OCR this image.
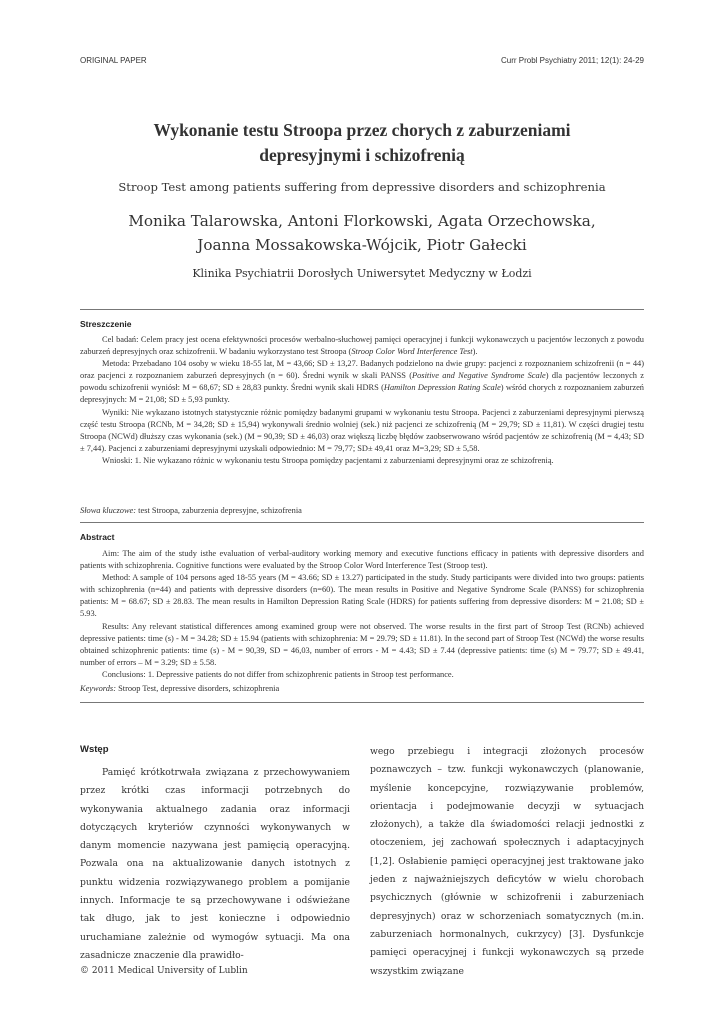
ORIGINAL PAPER	Curr Probl Psychiatry 2011; 12(1): 24-29
Wykonanie testu Stroopa przez chorych z zaburzeniami
depresyjnymi i schizofrenią
Stroop Test among patients suffering from depressive disorders and schizophrenia
Monika Talarowska, Antoni Florkowski, Agata Orzechowska,
Joanna Mossakowska-Wójcik, Piotr Gałecki
Klinika Psychiatrii Dorosłych Uniwersytet Medyczny w Łodzi
Streszczenie

Cel badań: Celem pracy jest ocena efektywności procesów werbalno-słuchowej pamięci operacyjnej i funkcji wykonawczych u pacjentów leczonych z powodu zaburzeń depresyjnych oraz schizofrenii. W badaniu wykorzystano test Stroopa (Stroop Color Word Interference Test).

Metoda: Przebadano 104 osoby w wieku 18-55 lat, M = 43,66; SD ± 13,27. Badanych podzielono na dwie grupy: pacjenci z rozpoznaniem schizofrenii (n = 44) oraz pacjenci z rozpoznaniem zaburzeń depresyjnych (n = 60). Średni wynik w skali PANSS (Positive and Negative Syndrome Scale) dla pacjentów leczonych z powodu schizofrenii wyniósł: M = 68,67; SD ± 28,83 punkty. Średni wynik skali HDRS (Hamilton Depression Rating Scale) wśród chorych z rozpoznaniem zaburzeń depresyjnych: M = 21,08; SD ± 5,93 punkty.

Wyniki: Nie wykazano istotnych statystycznie różnic pomiędzy badanymi grupami w wykonaniu testu Stroopa. Pacjenci z zaburzeniami depresyjnymi pierwszą część testu Stroopa (RCNb, M = 34,28; SD ± 15,94) wykonywali średnio wolniej (sek.) niż pacjenci ze schizofrenią (M = 29,79; SD ± 11,81). W części drugiej testu Stroopa (NCWd) dłuższy czas wykonania (sek.) (M = 90,39; SD ± 46,03) oraz większą liczbę błędów zaobserwowano wśród pacjentów ze schizofrenią (M = 4,43; SD ± 7,44). Pacjenci z zaburzeniami depresyjnymi uzyskali odpowiednio: M = 79,77; SD± 49,41 oraz M=3,29; SD ± 5,58.

Wnioski: 1. Nie wykazano różnic w wykonaniu testu Stroopa pomiędzy pacjentami z zaburzeniami depresyjnymi oraz ze schizofrenią.

Słowa kluczowe: test Stroopa, zaburzenia depresyjne, schizofrenia
Abstract

Aim: The aim of the study isthe evaluation of verbal-auditory working memory and executive functions efficacy in patients with depressive disorders and patients with schizophrenia. Cognitive functions were evaluated by the Stroop Color Word Interference Test (Stroop test).

Method: A sample of 104 persons aged 18-55 years (M = 43.66; SD ± 13.27) participated in the study. Study participants were divided into two groups: patients with schizophrenia (n=44) and patients with depressive disorders (n=60). The mean results in Positive and Negative Syndrome Scale (PANSS) for schizophrenia patients: M = 68.67; SD ± 28.83. The mean results in Hamilton Depression Rating Scale (HDRS) for patients suffering from depressive disorders: M = 21.08; SD ± 5.93.

Results: Any relevant statistical differences among examined group were not observed. The worse results in the first part of Stroop Test (RCNb) achieved depressive patients: time (s) - M = 34.28; SD ± 15.94 (patients with schizophrenia: M = 29.79; SD ± 11.81). In the second part of Stroop Test (NCWd) the worse results obtained schizophrenic patients: time (s) - M = 90,39, SD = 46,03, number of errors - M = 4.43; SD ± 7.44 (depressive patients: time (s) M = 79.77; SD ± 49.41, number of errors – M = 3.29; SD ± 5.58.

Conclusions: 1. Depressive patients do not differ from schizophrenic patients in Stroop test performance.

Keywords: Stroop Test, depressive disorders, schizophrenia
Wstęp

Pamięć krótkotrwała związana z przechowywaniem przez krótki czas informacji potrzebnych do wykonywania aktualnego zadania oraz informacji dotyczących kryteriów czynności wykonywanych w danym momencie nazywana jest pamięcią operacyjną. Pozwala ona na aktualizowanie danych istotnych z punktu widzenia rozwiązywanego problem a pomijanie innych. Informacje te są przechowywane i odświeżane tak długo, jak to jest konieczne i odpowiednio uruchamiane zależnie od wymogów sytuacji. Ma ona zasadnicze znaczenie dla prawidło-

wego przebiegu i integracji złożonych procesów poznawczych – tzw. funkcji wykonawczych (planowanie, myślenie koncepcyjne, rozwiązywanie problemów, orientacja i podejmowanie decyzji w sytuacjach złożonych), a także dla świadomości relacji jednostki z otoczeniem, jej zachowań społecznych i adaptacyjnych [1,2]. Osłabienie pamięci operacyjnej jest traktowane jako jeden z najważniejszych deficytów w wielu chorobach psychicznych (głównie w schizofrenii i zaburzeniach depresyjnych) oraz w schorzeniach somatycznych (m.in. zaburzeniach hormonalnych, cukrzycy) [3]. Dysfunkcje pamięci operacyjnej i funkcji wykonawczych są przede wszystkim związane

© 2011 Medical University of Lublin
